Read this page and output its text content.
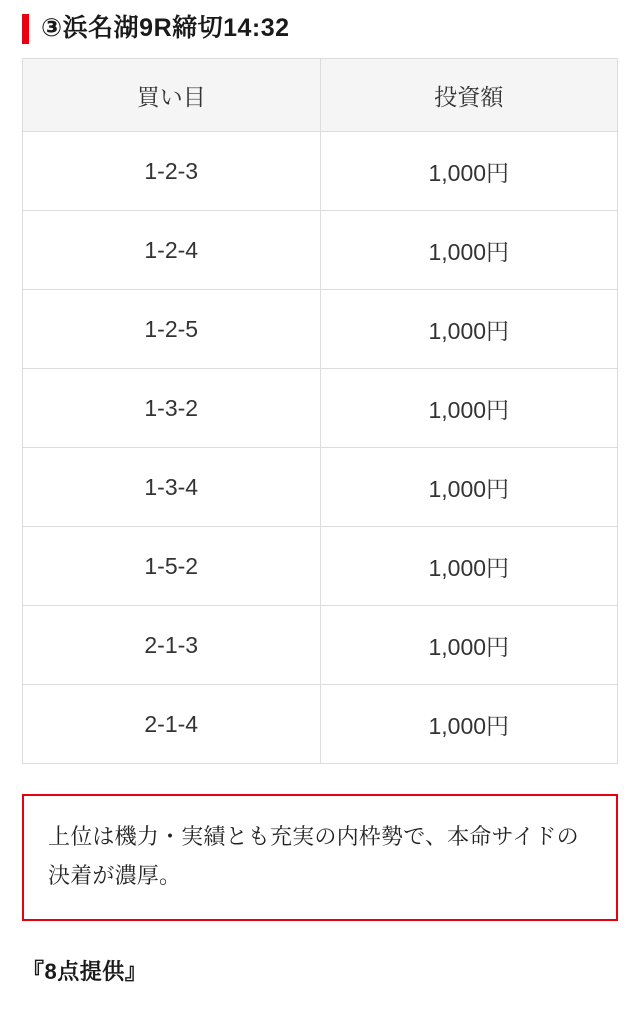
③浜名湖9R締切14:32
買い目	投資額
1-2-3	1,000円
1-2-4	1,000円
1-2-5	1,000円
1-3-2	1,000円
1-3-4	1,000円
1-5-2	1,000円
2-1-3	1,000円
2-1-4	1,000円

上位は機力・実績とも充実の内枠勢で、本命サイドの決着が濃厚。

『8点提供』
